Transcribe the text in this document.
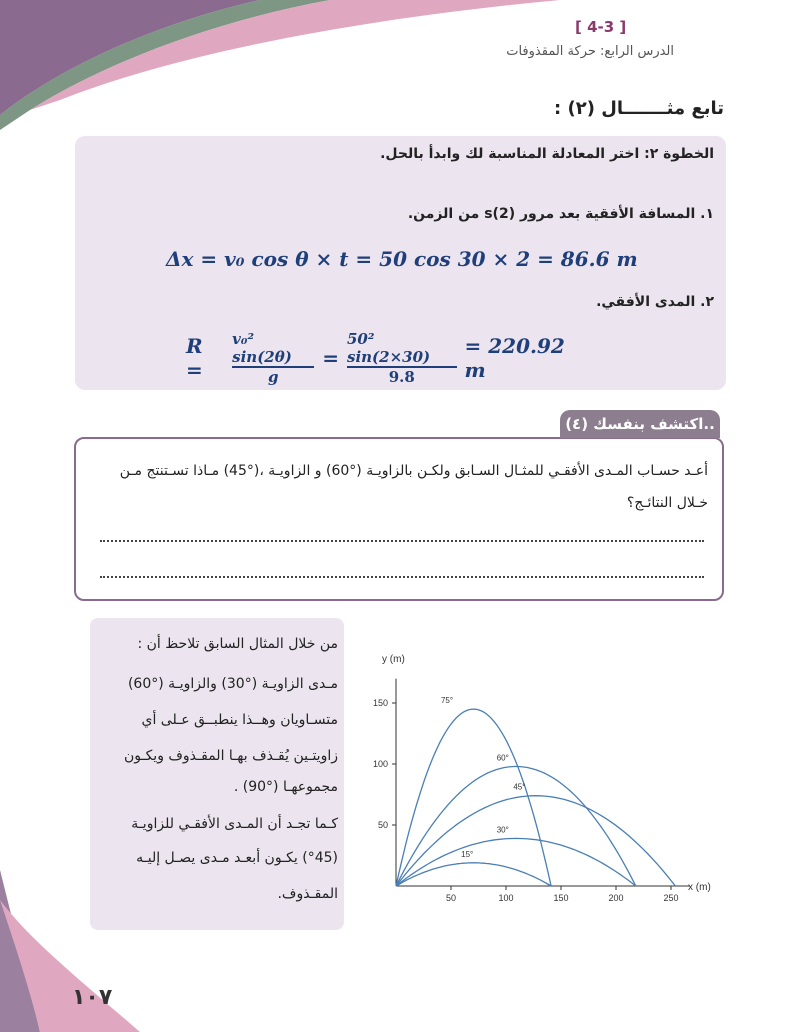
[ 4-3 ]
الدرس الرابع: حركة المقذوفات
تابع مثـــــــال (٢) :
الخطوة ٢: اختر المعادلة المناسبة لك وابدأ بالحل.
١. المسافة الأفقية بعد مرور s(2) من الزمن.
Δx = v₀ cos θ × t = 50 cos 30 × 2 = 86.6 m
٢. المدى الأفقي.
R =
v₀² sin(2θ)
g
=
50² sin(2×30)
9.8
= 220.92 m
اكتشف بنفسك (٤)..
أعـد حسـاب المـدى الأفقـي للمثـال السـابق ولكـن بالزاويـة (°60) و الزاويـة ،(°45) مـاذا تسـتنتج مـن
خـلال النتائـج؟
من خلال المثال السابق تلاحظ أن :
مـدى الزاويـة (°30) والزاويـة (°60)
متسـاويان وهــذا ينطبــق عـلى أي
زاويتـين يُقـذف بهـا المقـذوف ويكـون
مجموعهـا (°90) .
كـما تجـد أن المـدى الأفقـي للزاويـة
(°45) يكـون أبعـد مـدى يصـل إليـه
المقـذوف.	50	100	150	200	250
50
100
150	75°
60°
45°
30°
15°
y (m)
x (m)
١٠٧
